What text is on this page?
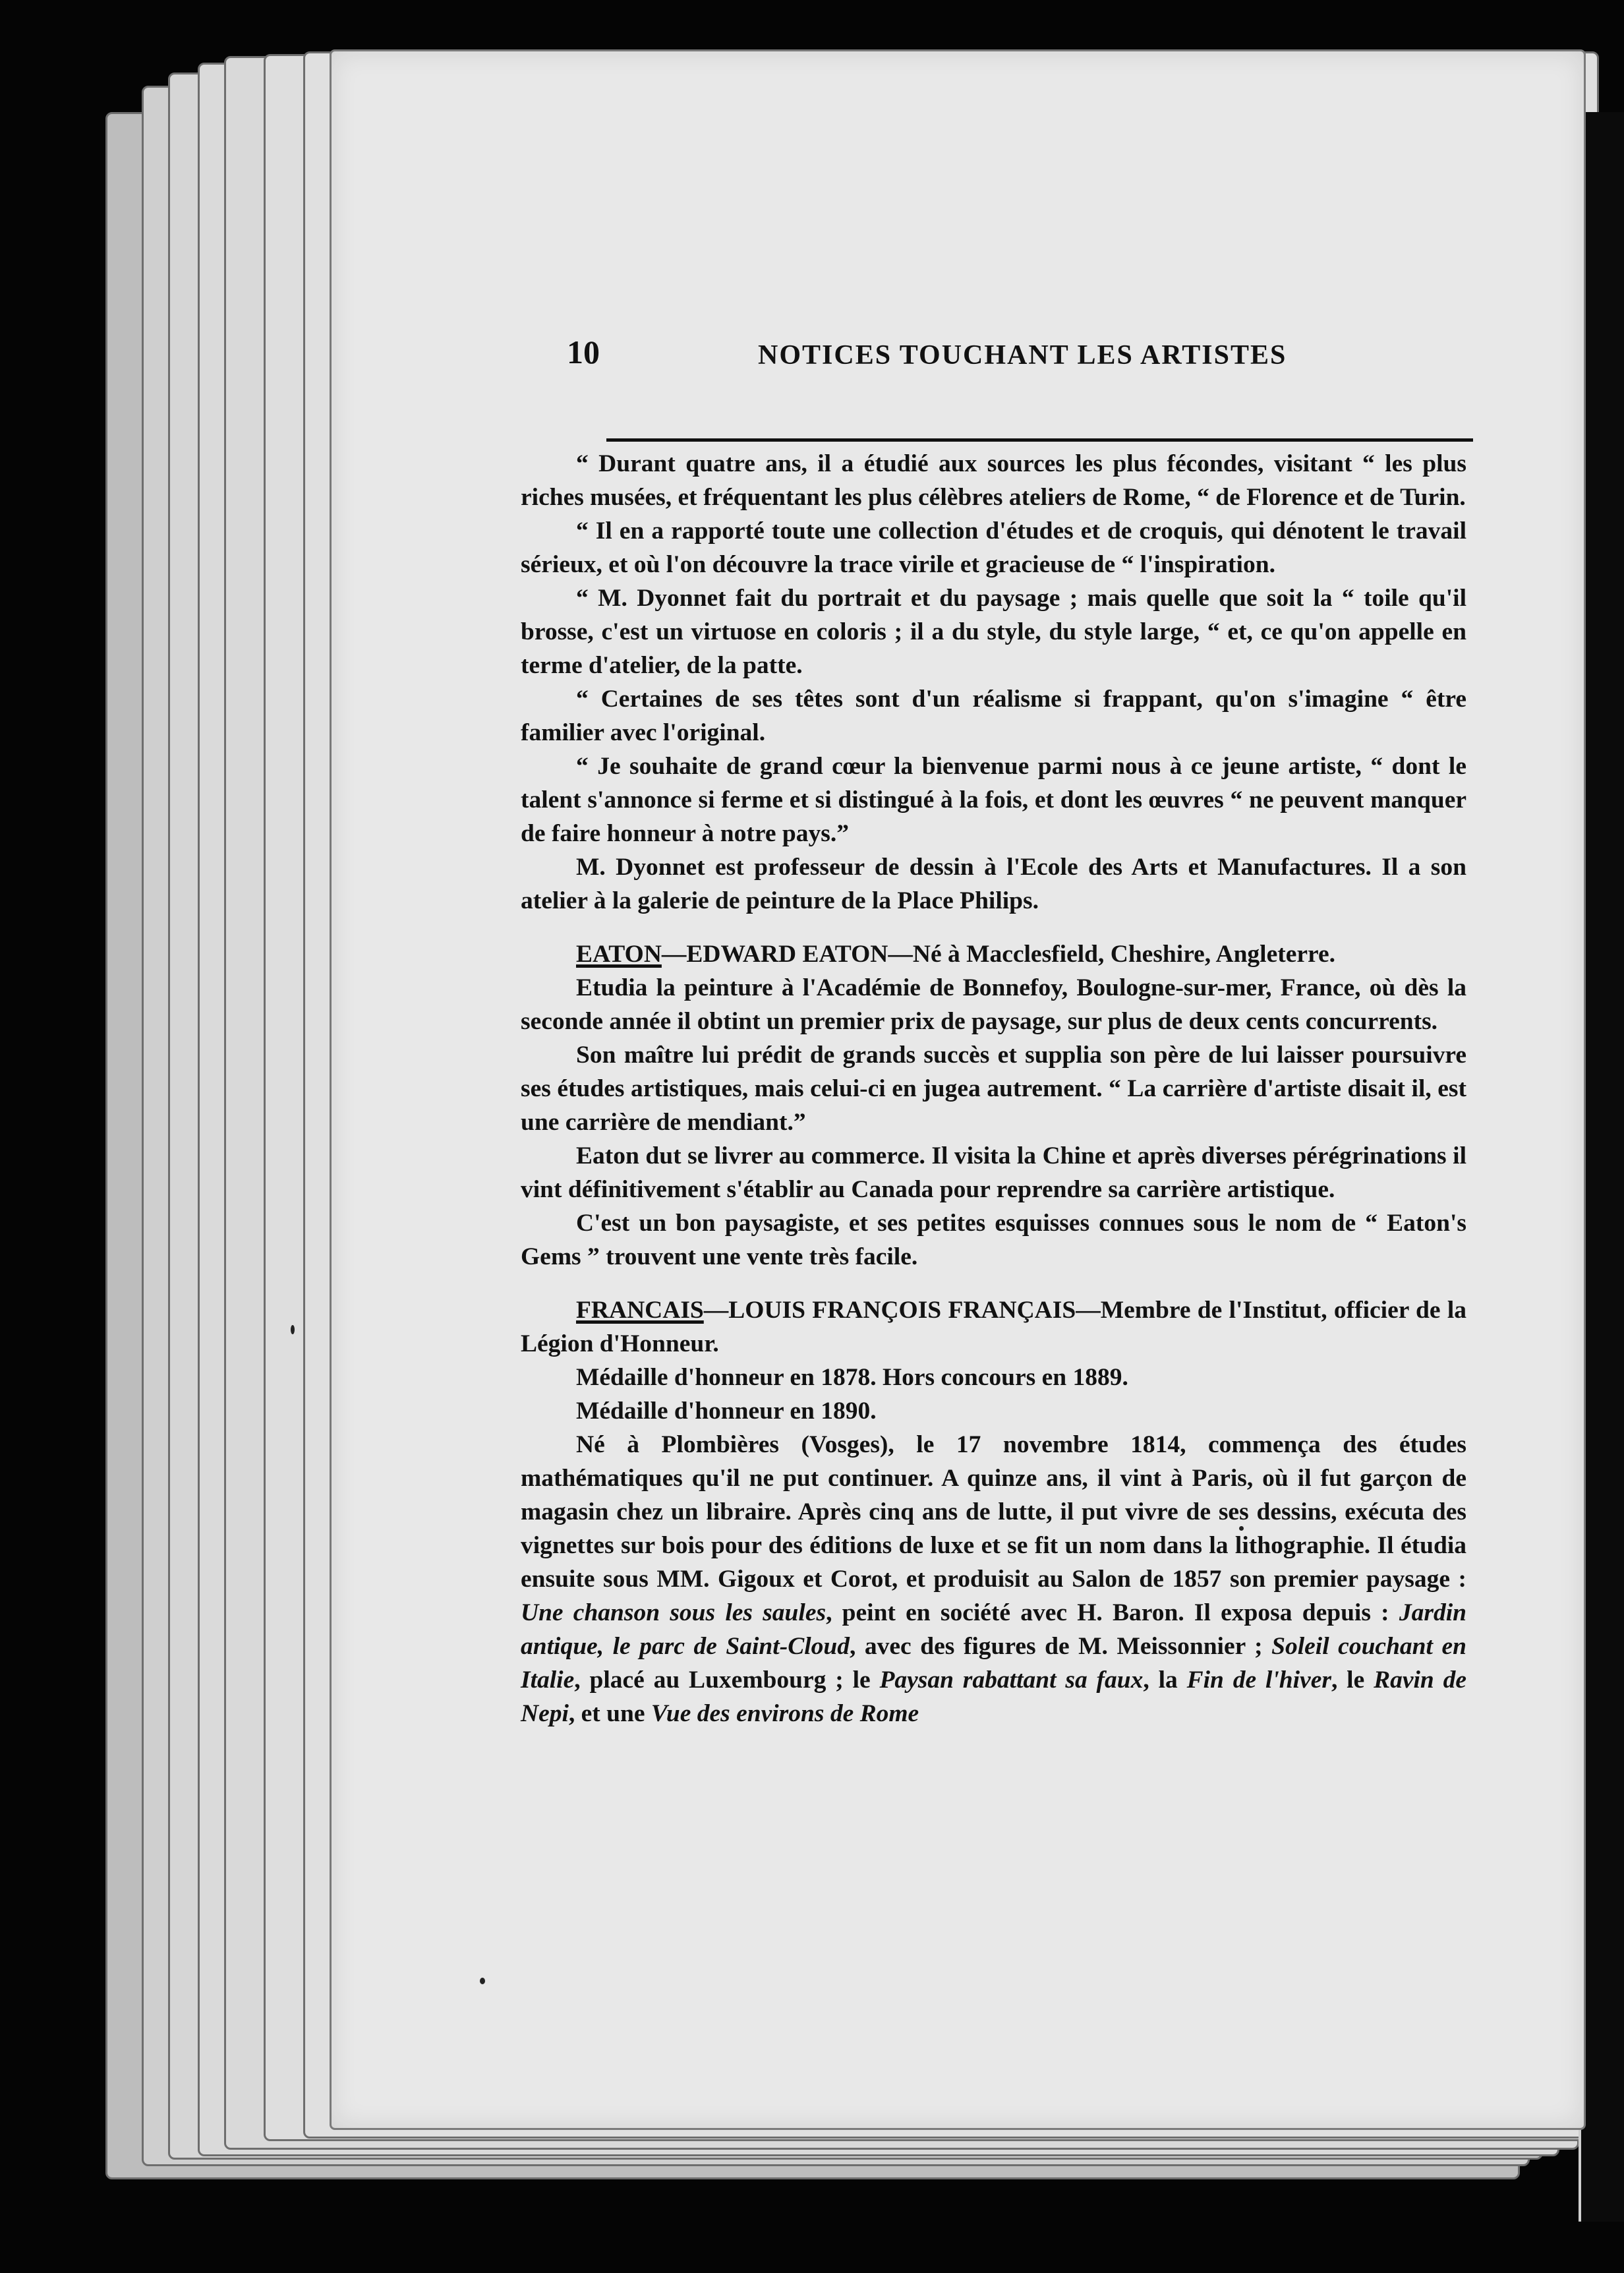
10	NOTICES TOUCHANT LES ARTISTES

“ Durant quatre ans, il a étudié aux sources les plus fécondes, visitant “ les plus riches musées, et fréquentant les plus célèbres ateliers de Rome, “ de Florence et de Turin.

“ Il en a rapporté toute une collection d'études et de croquis, qui dénotent le travail sérieux, et où l'on découvre la trace virile et gracieuse de “ l'inspiration.

“ M. Dyonnet fait du portrait et du paysage ; mais quelle que soit la “ toile qu'il brosse, c'est un virtuose en coloris ; il a du style, du style large, “ et, ce qu'on appelle en terme d'atelier, de la patte.

“ Certaines de ses têtes sont d'un réalisme si frappant, qu'on s'imagine “ être familier avec l'original.

“ Je souhaite de grand cœur la bienvenue parmi nous à ce jeune artiste, “ dont le talent s'annonce si ferme et si distingué à la fois, et dont les œuvres “ ne peuvent manquer de faire honneur à notre pays.”

M. Dyonnet est professeur de dessin à l'Ecole des Arts et Manufactures. Il a son atelier à la galerie de peinture de la Place Philips.

EATON—EDWARD EATON—Né à Macclesfield, Cheshire, Angleterre.

Etudia la peinture à l'Académie de Bonnefoy, Boulogne-sur-mer, France, où dès la seconde année il obtint un premier prix de paysage, sur plus de deux cents concurrents.

Son maître lui prédit de grands succès et supplia son père de lui laisser poursuivre ses études artistiques, mais celui-ci en jugea autrement. “ La carrière d'artiste disait il, est une carrière de mendiant.”

Eaton dut se livrer au commerce. Il visita la Chine et après diverses pérégrinations il vint définitivement s'établir au Canada pour reprendre sa carrière artistique.

C'est un bon paysagiste, et ses petites esquisses connues sous le nom de “ Eaton's Gems ” trouvent une vente très facile.

FRANCAIS—LOUIS FRANÇOIS FRANÇAIS—Membre de l'Institut, officier de la Légion d'Honneur.

Médaille d'honneur en 1878. Hors concours en 1889.

Médaille d'honneur en 1890.

Né à Plombières (Vosges), le 17 novembre 1814, commença des études mathématiques qu'il ne put continuer. A quinze ans, il vint à Paris, où il fut garçon de magasin chez un libraire. Après cinq ans de lutte, il put vivre de ses dessins, exécuta des vignettes sur bois pour des éditions de luxe et se fit un nom dans la lithographie. Il étudia ensuite sous MM. Gigoux et Corot, et produisit au Salon de 1857 son premier paysage : Une chanson sous les saules, peint en société avec H. Baron. Il exposa depuis : Jardin antique, le parc de Saint-Cloud, avec des figures de M. Meissonnier ; Soleil couchant en Italie, placé au Luxembourg ; le Paysan rabattant sa faux, la Fin de l'hiver, le Ravin de Nepi, et une Vue des environs de Rome
